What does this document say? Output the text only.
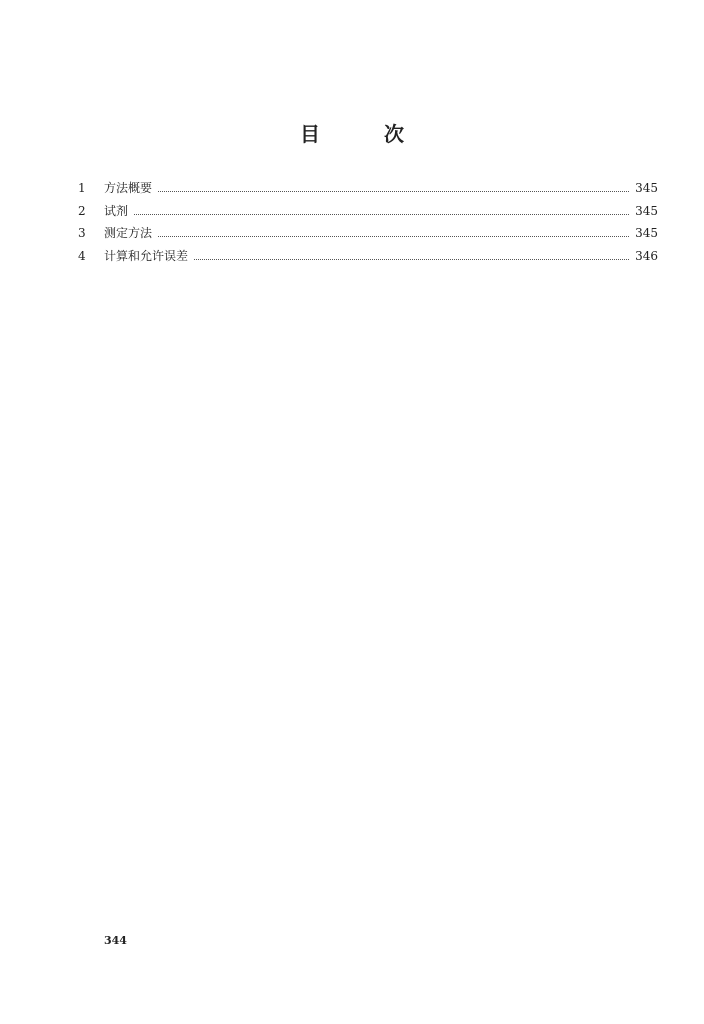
目	次
1	方法概要	345
2	试剂	345
3	测定方法	345
4	计算和允许误差	346
344
